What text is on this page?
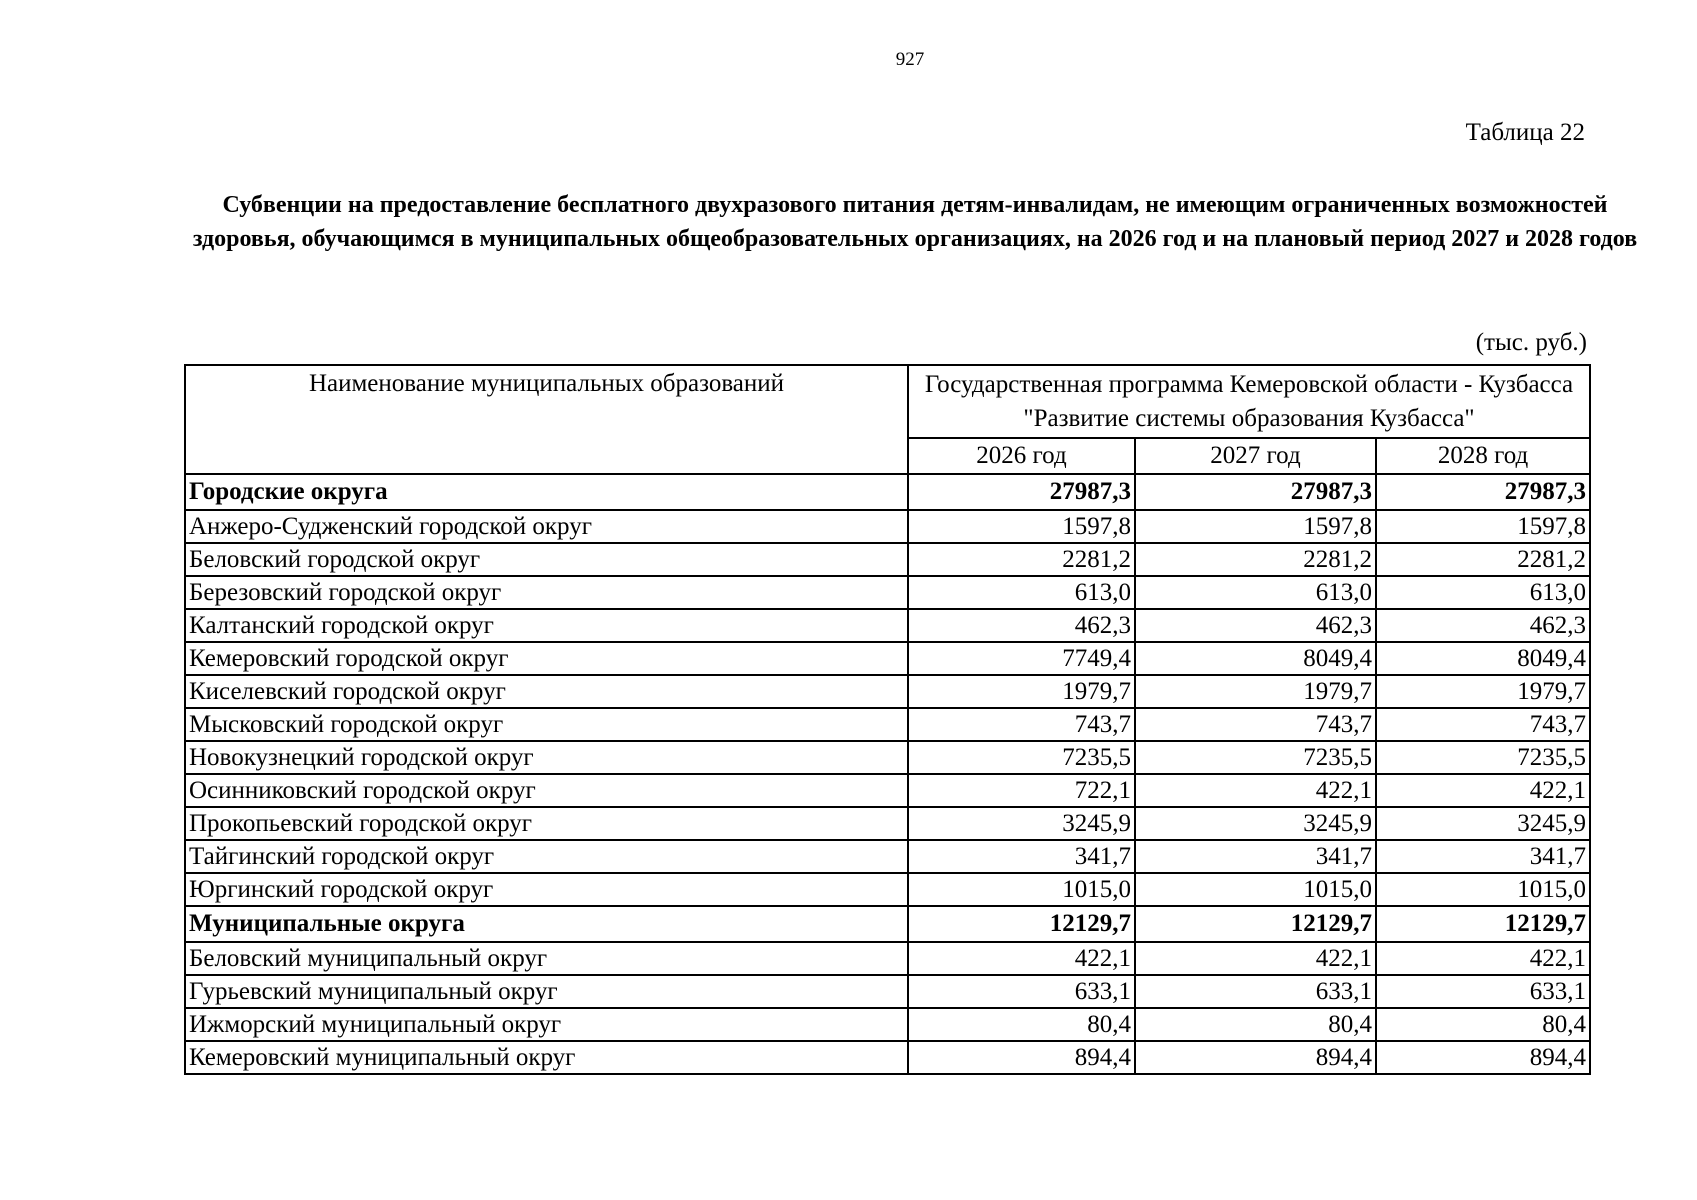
927
Таблица 22
Субвенции на предоставление бесплатного двухразового питания детям-инвалидам, не имеющим ограниченных возможностей здоровья, обучающимся в муниципальных общеобразовательных организациях, на 2026 год и на плановый период 2027 и 2028 годов
(тыс. руб.)
Наименование муниципальных образований	Государственная программа Кемеровской области - Кузбасса "Развитие системы образования Кузбасса"		
	2026 год	2027 год	2028 год
Городские округа	27987,3	27987,3	27987,3
Анжеро-Судженский городской округ	1597,8	1597,8	1597,8
Беловский городской округ	2281,2	2281,2	2281,2
Березовский городской округ	613,0	613,0	613,0
Калтанский городской округ	462,3	462,3	462,3
Кемеровский городской округ	7749,4	8049,4	8049,4
Киселевский городской округ	1979,7	1979,7	1979,7
Мысковский городской округ	743,7	743,7	743,7
Новокузнецкий городской округ	7235,5	7235,5	7235,5
Осинниковский городской округ	722,1	422,1	422,1
Прокопьевский городской округ	3245,9	3245,9	3245,9
Тайгинский городской округ	341,7	341,7	341,7
Юргинский городской округ	1015,0	1015,0	1015,0
Муниципальные округа	12129,7	12129,7	12129,7
Беловский муниципальный округ	422,1	422,1	422,1
Гурьевский муниципальный округ	633,1	633,1	633,1
Ижморский муниципальный округ	80,4	80,4	80,4
Кемеровский муниципальный округ	894,4	894,4	894,4
